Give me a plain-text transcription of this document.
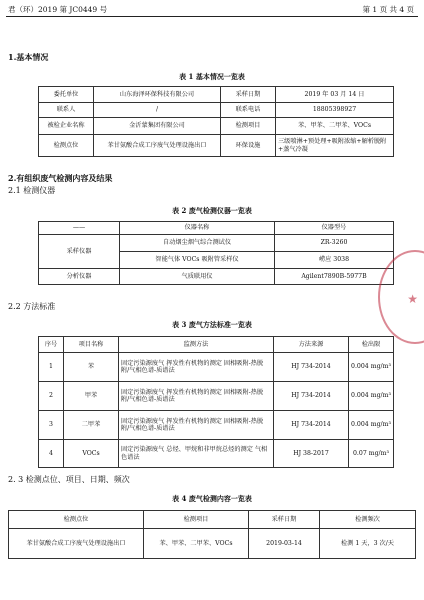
君（环）2019 第 JC0449 号	第 1 页 共 4 页
1.基本情况
表 1 基本情况一览表
委托单位	山东海泽环保科技有限公司	采样日期	2019 年 03 月 14 日
联系人	/	联系电话	18805398927
被检企业名称	金沂蒙集团有限公司	检测项目	苯、甲苯、二甲苯、VOCs
检测点位	苯甘氨酸合成工序废气处理设施出口	环保设施	三级喷淋+预处理+吸附浓缩+解析脱附+蒸气冷凝
2.有组织废气检测内容及结果
2.1 检测仪器
表 2 废气检测仪器一览表
——	仪器名称	仪器型号
采样仪器	自动烟尘烟气综合测试仪	ZR-3260
	智能气体 VOCs 吸附管采样仪	崂应 3038
分析仪器	气质联用仪	Agilent7890B-5977B
2.2 方法标准
表 3 废气方法标准一览表
序号	项目名称	监测方法	方法来源	检出限
1	苯	固定污染源废气 挥发性有机物的测定 固相吸附-热脱附/气相色谱-质谱法	HJ 734-2014	0.004 mg/m³
2	甲苯	固定污染源废气 挥发性有机物的测定 固相吸附-热脱附/气相色谱-质谱法	HJ 734-2014	0.004 mg/m³
3	二甲苯	固定污染源废气 挥发性有机物的测定 固相吸附-热脱附/气相色谱-质谱法	HJ 734-2014	0.004 mg/m³
4	VOCs	固定污染源废气 总烃、甲烷和非甲烷总烃的测定 气相色谱法	HJ 38-2017	0.07 mg/m³
2. 3 检测点位、项目、日期、频次
表 4 废气检测内容一览表
检测点位	检测项目	采样日期	检测频次
苯甘氨酸合成工序废气处理设施出口	苯、甲苯、二甲苯、VOCs	2019-03-14	检测 1 天，3 次/天
★
